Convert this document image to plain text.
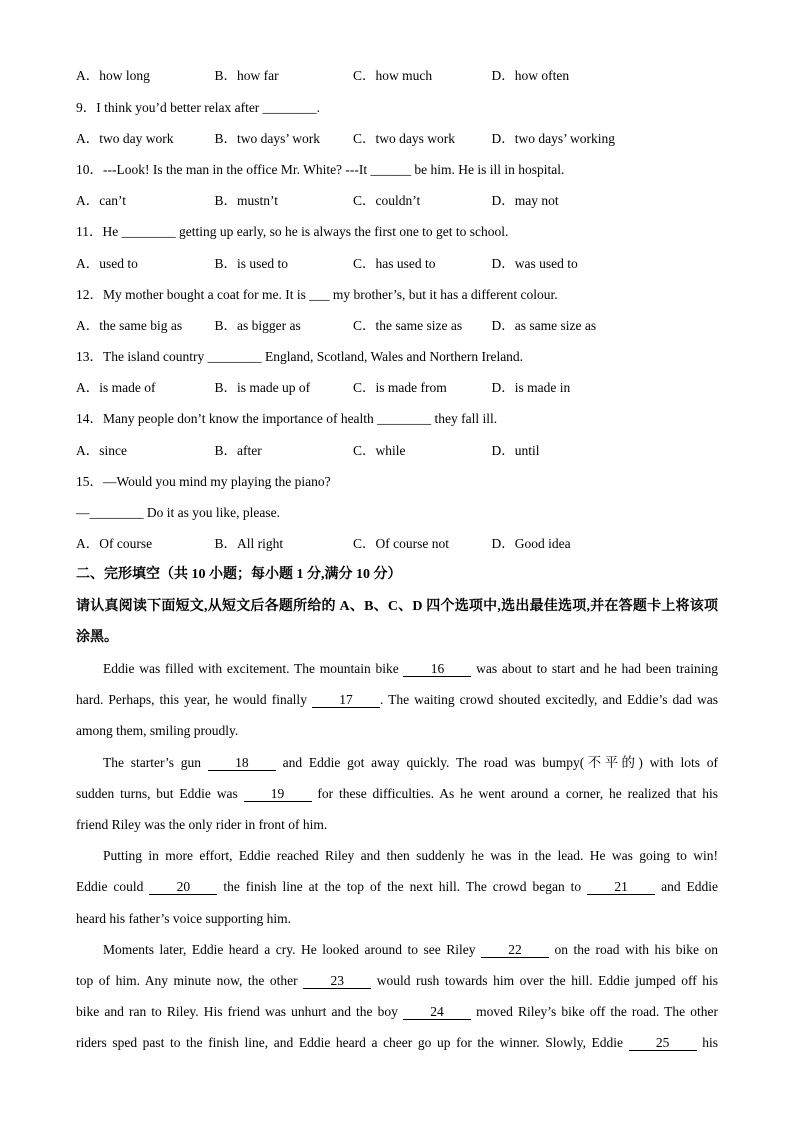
A．how long	B．how far	C．how much	D．how often
9．I think you’d better relax after ________.
A．two day work	B．two days’ work	C．two days work	D．two days’ working
10．---Look! Is the man in the office Mr. White? ---It ______ be him. He is ill in hospital.
A．can’t	B．mustn’t	C．couldn’t	D．may not
11．He ________ getting up early, so he is always the first one to get to school.
A．used to	B．is used to	C．has used to	D．was used to
12．My mother bought a coat for me. It is ___ my brother’s, but it has a different colour.
A．the same big as	B．as bigger as	C．the same size as	D．as same size as
13．The island country ________ England, Scotland, Wales and Northern Ireland.
A．is made of	B．is made up of	C．is made from	D．is made in
14．Many people don’t know the importance of health ________ they fall ill.
A．since	B．after	C．while	D．until
15．—Would you mind my playing the piano?
—________ Do it as you like, please.
A．Of course	B．All right	C．Of course not	D．Good idea
二、完形填空（共 10 小题；每小题 1 分,满分 10 分）
请认真阅读下面短文,从短文后各题所给的 A、B、C、D 四个选项中,选出最佳选项,并在答题卡上将该项涂黑。
Eddie was filled with excitement. The mountain bike 16 was about to start and he had been training
hard. Perhaps, this year, he would finally 17 . The waiting crowd shouted excitedly, and Eddie’s dad was
among them, smiling proudly.
The starter’s gun 18 and Eddie got away quickly. The road was bumpy(不平的) with lots of
sudden turns, but Eddie was 19 for these difficulties. As he went around a corner, he realized that his
friend Riley was the only rider in front of him.
Putting in more effort, Eddie reached Riley and then suddenly he was in the lead. He was going to win!
Eddie could 20 the finish line at the top of the next hill. The crowd began to 21 and Eddie
heard his father’s voice supporting him.
Moments later, Eddie heard a cry. He looked around to see Riley 22 on the road with his bike on
top of him. Any minute now, the other 23 would rush towards him over the hill. Eddie jumped off his
bike and ran to Riley. His friend was unhurt and the boy 24 moved Riley’s bike off the road. The other
riders sped past to the finish line, and Eddie heard a cheer go up for the winner. Slowly, Eddie 25 his
